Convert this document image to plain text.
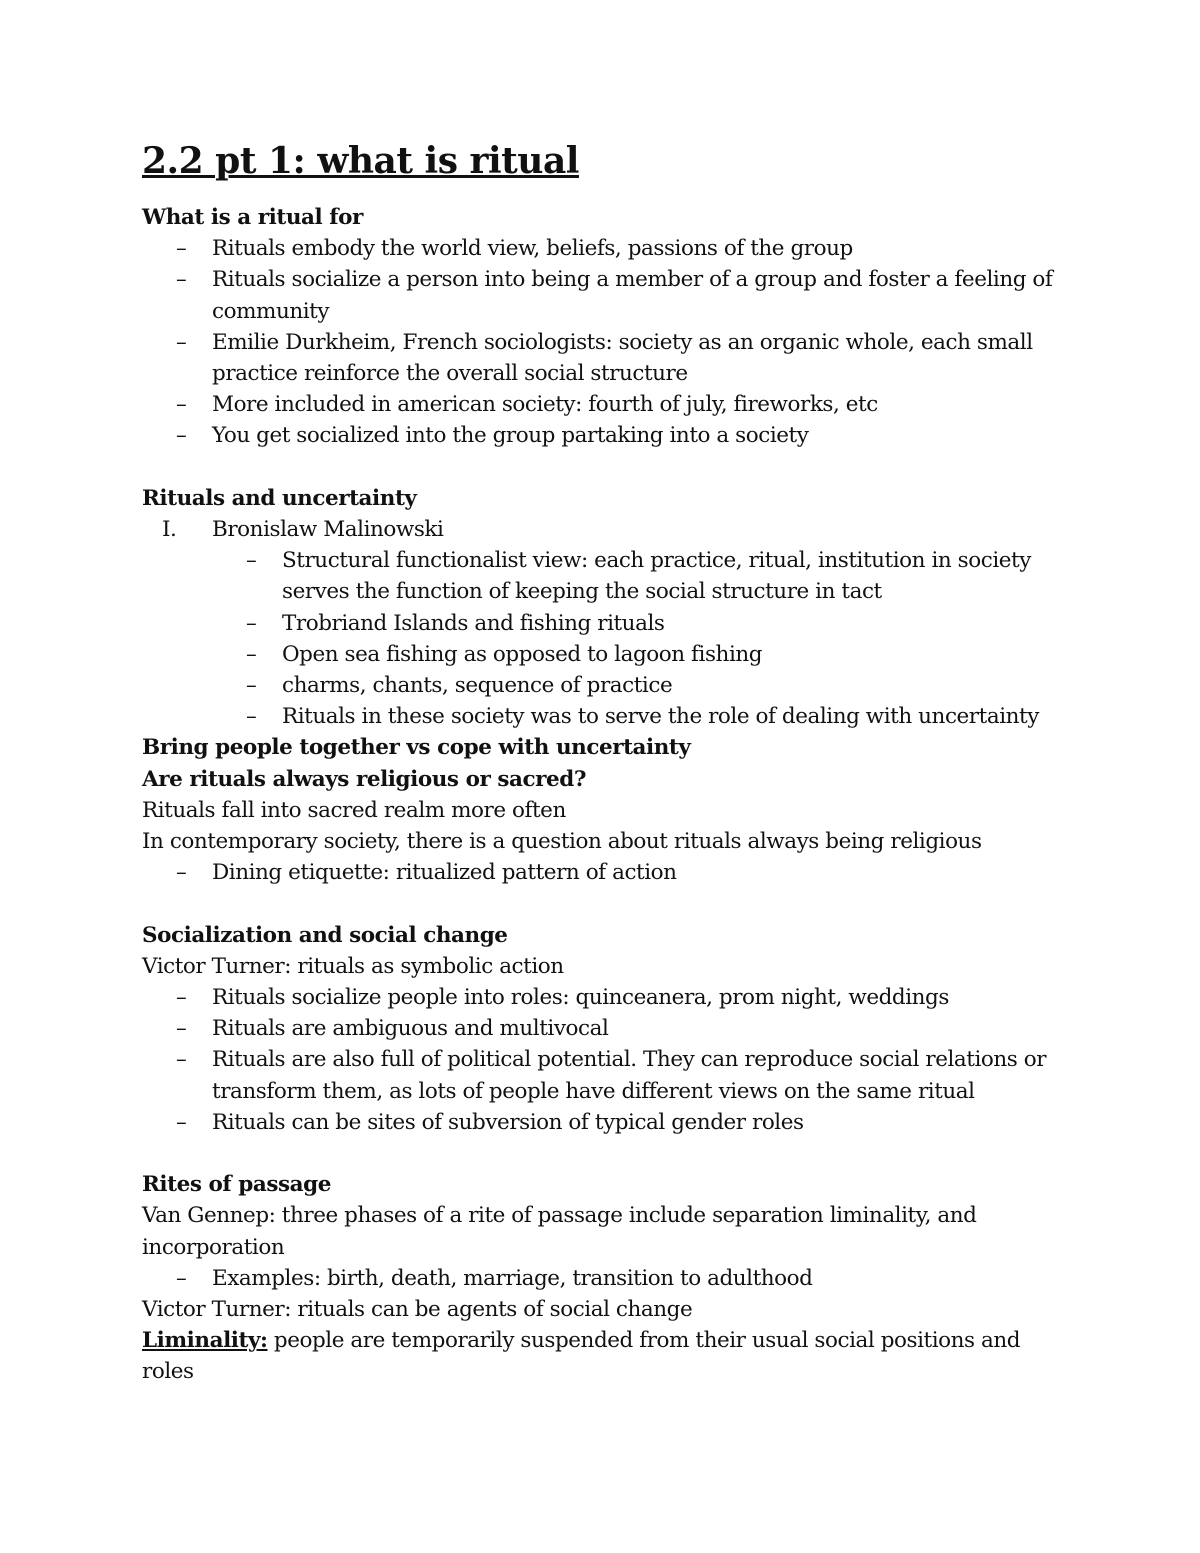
2.2 pt 1: what is ritual
What is a ritual for
– Rituals embody the world view, beliefs, passions of the group
– Rituals socialize a person into being a member of a group and foster a feeling of
community
– Emilie Durkheim, French sociologists: society as an organic whole, each small
practice reinforce the overall social structure
– More included in american society: fourth of july, fireworks, etc
– You get socialized into the group partaking into a society
Rituals and uncertainty
I. Bronislaw Malinowski
– Structural functionalist view: each practice, ritual, institution in society
serves the function of keeping the social structure in tact
– Trobriand Islands and fishing rituals
– Open sea fishing as opposed to lagoon fishing
– charms, chants, sequence of practice
– Rituals in these society was to serve the role of dealing with uncertainty
Bring people together vs cope with uncertainty
Are rituals always religious or sacred?
Rituals fall into sacred realm more often
In contemporary society, there is a question about rituals always being religious
– Dining etiquette: ritualized pattern of action
Socialization and social change
Victor Turner: rituals as symbolic action
– Rituals socialize people into roles: quinceanera, prom night, weddings
– Rituals are ambiguous and multivocal
– Rituals are also full of political potential. They can reproduce social relations or
transform them, as lots of people have different views on the same ritual
– Rituals can be sites of subversion of typical gender roles
Rites of passage
Van Gennep: three phases of a rite of passage include separation liminality, and
incorporation
– Examples: birth, death, marriage, transition to adulthood
Victor Turner: rituals can be agents of social change
Liminality: people are temporarily suspended from their usual social positions and
roles
